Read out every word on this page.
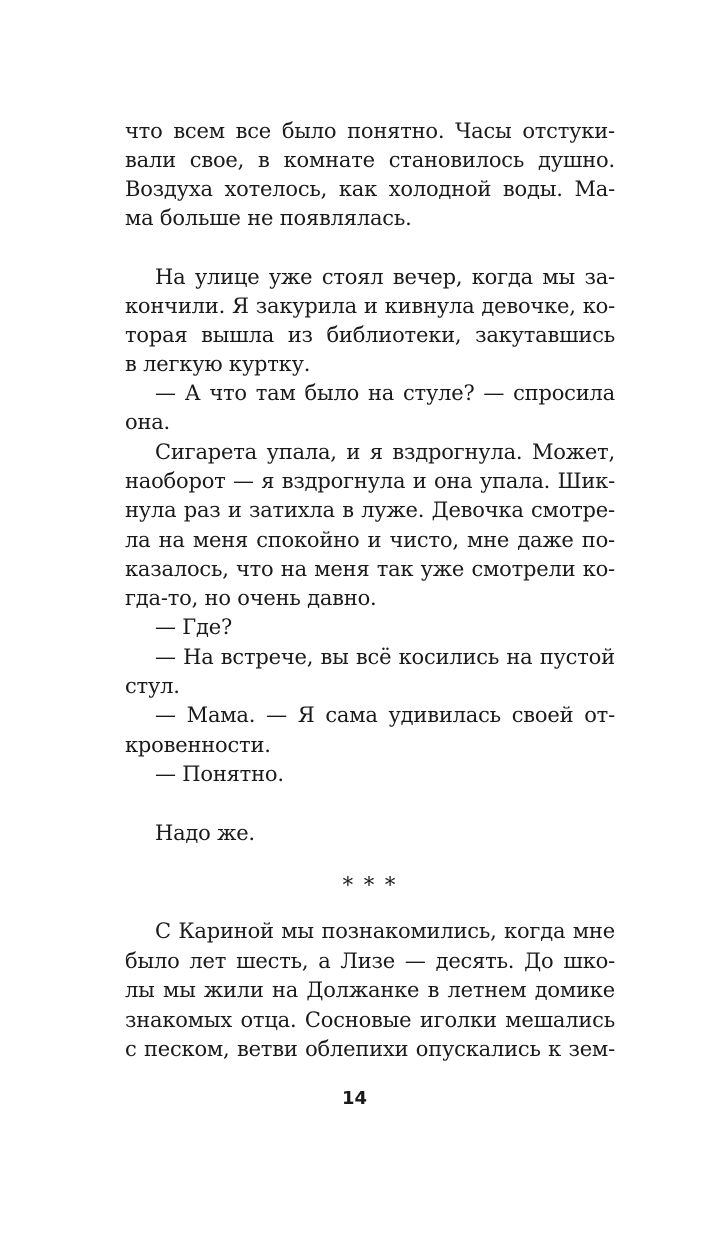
что всем все было понятно. Часы отстуки-
вали свое, в комнате становилось душно.
Воздуха хотелось, как холодной воды. Ма-
ма больше не появлялась.
На улице уже стоял вечер, когда мы за-
кончили. Я закурила и кивнула девочке, ко-
торая вышла из библиотеки, закутавшись
в легкую куртку.
— А что там было на стуле? — спросила
она.
Сигарета упала, и я вздрогнула. Может,
наоборот — я вздрогнула и она упала. Шик-
нула раз и затихла в луже. Девочка смотре-
ла на меня спокойно и чисто, мне даже по-
казалось, что на меня так уже смотрели ко-
гда-то, но очень давно.
— Где?
— На встрече, вы всё косились на пустой
стул.
— Мама. — Я сама удивилась своей от-
кровенности.
— Понятно.
Надо же.
* * *
С Кариной мы познакомились, когда мне
было лет шесть, а Лизе — десять. До шко-
лы мы жили на Должанке в летнем домике
знакомых отца. Сосновые иголки мешались
с песком, ветви облепихи опускались к зем-
14
